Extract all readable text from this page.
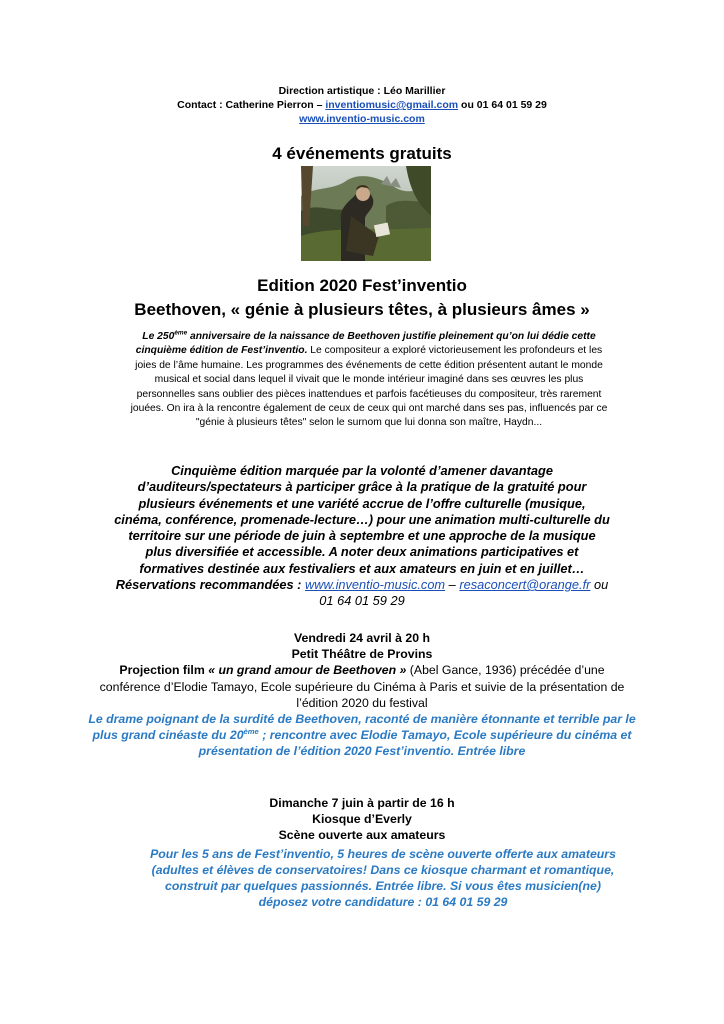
Direction artistique : Léo Marillier
Contact : Catherine Pierron – inventiomusic@gmail.com ou 01 64 01 59 29
www.inventio-music.com
4 événements gratuits
Edition 2020 Fest’inventio
Beethoven, « génie à plusieurs têtes, à plusieurs âmes »
Le 250ème anniversaire de la naissance de Beethoven justifie pleinement qu’on lui dédie cette cinquième édition de Fest’inventio. Le compositeur a exploré victorieusement les profondeurs et les joies de l’âme humaine. Les programmes des événements de cette édition présentent autant le monde musical et social dans lequel il vivait que le monde intérieur imaginé dans ses œuvres les plus personnelles sans oublier des pièces inattendues et parfois facétieuses du compositeur, très rarement jouées. On ira à la rencontre également de ceux de ceux qui ont marché dans ses pas, influencés par ce "génie à plusieurs têtes" selon le surnom que lui donna son maître, Haydn...
Cinquième édition marquée par la volonté d’amener davantage d’auditeurs/spectateurs à participer grâce à la pratique de la gratuité pour plusieurs événements et une variété accrue de l’offre culturelle (musique, cinéma, conférence, promenade-lecture…) pour une animation multi-culturelle du territoire sur une période de juin à septembre et une approche de la musique plus diversifiée et accessible. A noter deux animations participatives et formatives destinée aux festivaliers et aux amateurs en juin et en juillet…
Réservations recommandées : www.inventio-music.com – resaconcert@orange.fr ou
01 64 01 59 29
Vendredi 24 avril à 20 h
Petit Théâtre de Provins
Projection film « un grand amour de Beethoven » (Abel Gance, 1936) précédée d’une conférence d’Elodie Tamayo, Ecole supérieure du Cinéma à Paris et suivie de la présentation de l’édition 2020 du festival
Le drame poignant de la surdité de Beethoven, raconté de manière étonnante et terrible par le plus grand cinéaste du 20ème ; rencontre avec Elodie Tamayo, Ecole supérieure du cinéma et présentation de l’édition 2020 Fest’inventio. Entrée libre
Dimanche 7 juin à partir de 16 h
Kiosque d’Everly
Scène ouverte aux amateurs
Pour les 5 ans de Fest’inventio, 5 heures de scène ouverte offerte aux amateurs (adultes et élèves de conservatoires! Dans ce kiosque charmant et romantique, construit par quelques passionnés. Entrée libre. Si vous êtes musicien(ne) déposez votre candidature : 01 64 01 59 29
